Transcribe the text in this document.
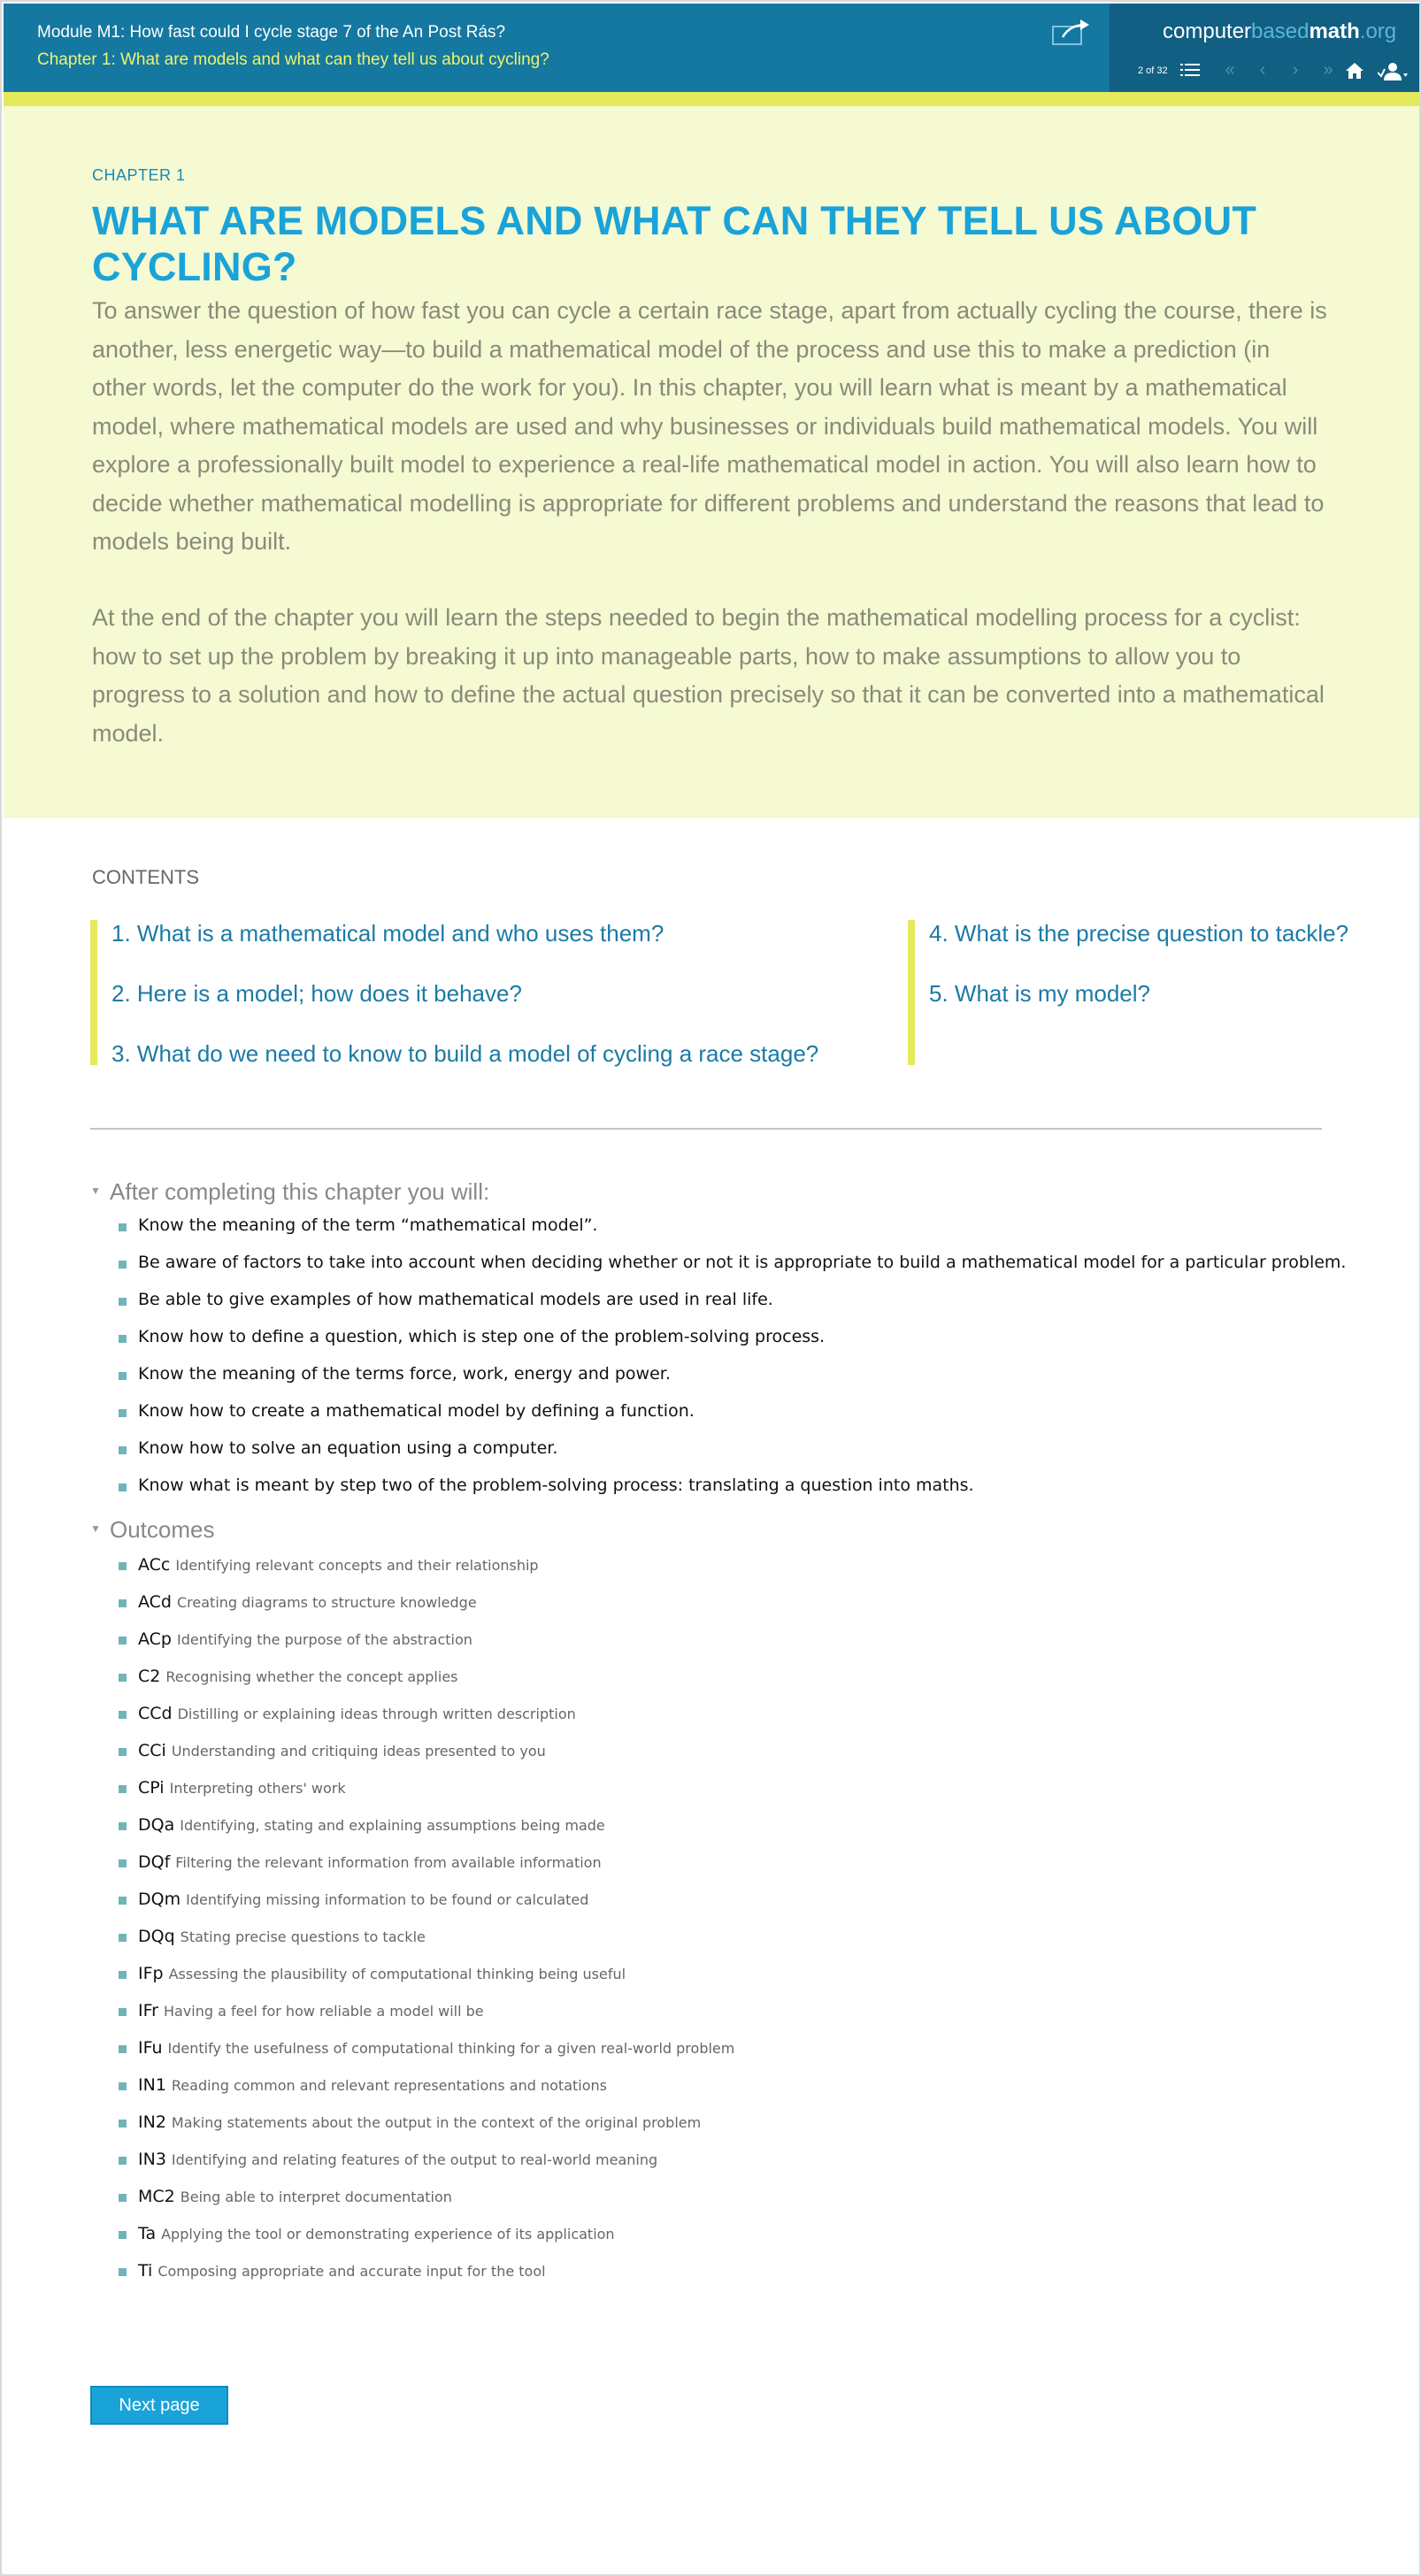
Module M1: How fast could I cycle stage 7 of the An Post Rás?
Chapter 1: What are models and what can they tell us about cycling?
computerbasedmath.org
2 of 32	«	‹	›	»
CHAPTER 1
WHAT ARE MODELS AND WHAT CAN THEY TELL US ABOUT CYCLING?

To answer the question of how fast you can cycle a certain race stage, apart from actually cycling the course, there is another, less energetic way—to build a mathematical model of the process and use this to make a prediction (in other words, let the computer do the work for you). In this chapter, you will learn what is meant by a mathematical model, where mathematical models are used and why businesses or individuals build mathematical models. You will explore a professionally built model to experience a real-life mathematical model in action. You will also learn how to decide whether mathematical modelling is appropriate for different problems and understand the reasons that lead to models being built.

At the end of the chapter you will learn the steps needed to begin the mathematical modelling process for a cyclist: how to set up the problem by breaking it up into manageable parts, how to make assumptions to allow you to progress to a solution and how to define the actual question precisely so that it can be converted into a mathematical model.

CONTENTS
1. What is a mathematical model and who uses them?
2. Here is a model; how does it behave?
3. What do we need to know to build a model of cycling a race stage?
4. What is the precise question to tackle?
5. What is my model?
▼ After completing this chapter you will:
Know the meaning of the term “mathematical model”.
Be aware of factors to take into account when deciding whether or not it is appropriate to build a mathematical model for a particular problem.
Be able to give examples of how mathematical models are used in real life.
Know how to define a question, which is step one of the problem-solving process.
Know the meaning of the terms force, work, energy and power.
Know how to create a mathematical model by defining a function.
Know how to solve an equation using a computer.
Know what is meant by step two of the problem-solving process: translating a question into maths.
▼ Outcomes
ACc Identifying relevant concepts and their relationship
ACd Creating diagrams to structure knowledge
ACp Identifying the purpose of the abstraction
C2 Recognising whether the concept applies
CCd Distilling or explaining ideas through written description
CCi Understanding and critiquing ideas presented to you
CPi Interpreting others' work
DQa Identifying, stating and explaining assumptions being made
DQf Filtering the relevant information from available information
DQm Identifying missing information to be found or calculated
DQq Stating precise questions to tackle
IFp Assessing the plausibility of computational thinking being useful
IFr Having a feel for how reliable a model will be
IFu Identify the usefulness of computational thinking for a given real-world problem
IN1 Reading common and relevant representations and notations
IN2 Making statements about the output in the context of the original problem
IN3 Identifying and relating features of the output to real-world meaning
MC2 Being able to interpret documentation
Ta Applying the tool or demonstrating experience of its application
Ti Composing appropriate and accurate input for the tool
Next page
